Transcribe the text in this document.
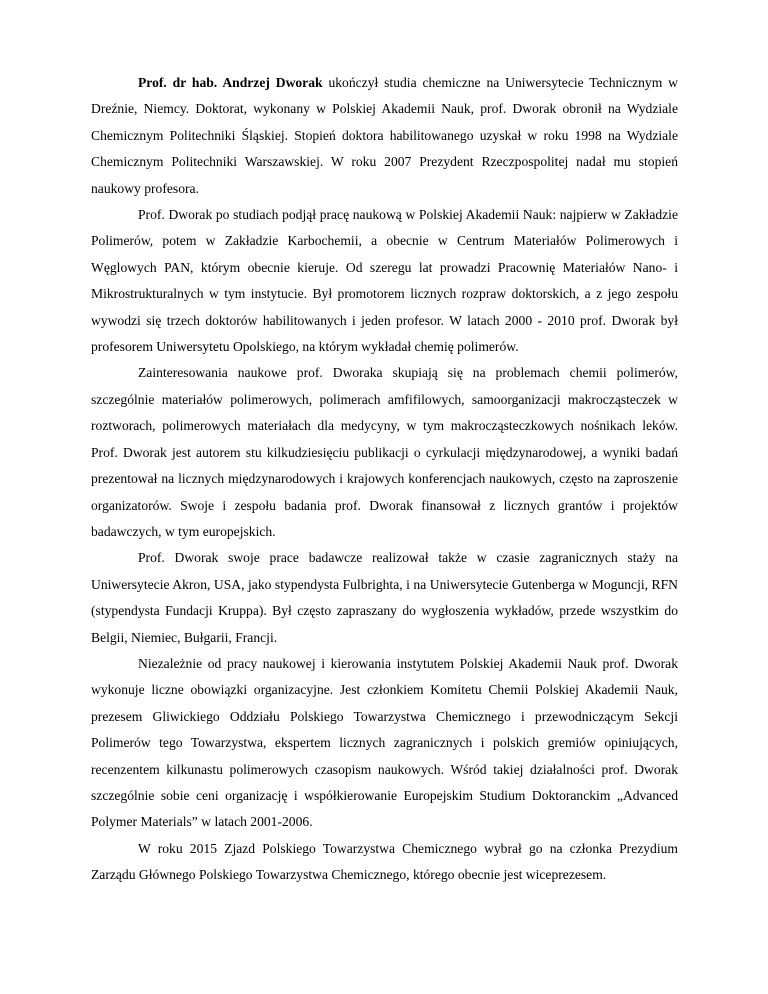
Prof. dr hab. Andrzej Dworak ukończył studia chemiczne na Uniwersytecie Technicznym w Dreźnie, Niemcy. Doktorat, wykonany w Polskiej Akademii Nauk, prof. Dworak obronił na Wydziale Chemicznym Politechniki Śląskiej. Stopień doktora habilitowanego uzyskał w roku 1998 na Wydziale Chemicznym Politechniki Warszawskiej. W roku 2007 Prezydent Rzeczpospolitej nadał mu stopień naukowy profesora.

Prof. Dworak po studiach podjął pracę naukową w Polskiej Akademii Nauk: najpierw w Zakładzie Polimerów, potem w Zakładzie Karbochemii, a obecnie w Centrum Materiałów Polimerowych i Węglowych PAN, którym obecnie kieruje. Od szeregu lat prowadzi Pracownię Materiałów Nano- i Mikrostrukturalnych w tym instytucie. Był promotorem licznych rozpraw doktorskich, a z jego zespołu wywodzi się trzech doktorów habilitowanych i jeden profesor. W latach 2000 - 2010 prof. Dworak był profesorem Uniwersytetu Opolskiego, na którym wykładał chemię polimerów.

Zainteresowania naukowe prof. Dworaka skupiają się na problemach chemii polimerów, szczególnie materiałów polimerowych, polimerach amfifilowych, samoorganizacji makrocząsteczek w roztworach, polimerowych materiałach dla medycyny, w tym makrocząsteczkowych nośnikach leków. Prof. Dworak jest autorem stu kilkudziesięciu publikacji o cyrkulacji międzynarodowej, a wyniki badań prezentował na licznych międzynarodowych i krajowych konferencjach naukowych, często na zaproszenie organizatorów. Swoje i zespołu badania prof. Dworak finansował z licznych grantów i projektów badawczych, w tym europejskich.

Prof. Dworak swoje prace badawcze realizował także w czasie zagranicznych staży na Uniwersytecie Akron, USA, jako stypendysta Fulbrighta, i na Uniwersytecie Gutenberga w Moguncji, RFN (stypendysta Fundacji Kruppa). Był często zapraszany do wygłoszenia wykładów, przede wszystkim do Belgii, Niemiec, Bułgarii, Francji.

Niezależnie od pracy naukowej i kierowania instytutem Polskiej Akademii Nauk prof. Dworak wykonuje liczne obowiązki organizacyjne. Jest członkiem Komitetu Chemii Polskiej Akademii Nauk, prezesem Gliwickiego Oddziału Polskiego Towarzystwa Chemicznego i przewodniczącym Sekcji Polimerów tego Towarzystwa, ekspertem licznych zagranicznych i polskich gremiów opiniujących, recenzentem kilkunastu polimerowych czasopism naukowych. Wśród takiej działalności prof. Dworak szczególnie sobie ceni organizację i współkierowanie Europejskim Studium Doktoranckim „Advanced Polymer Materials” w latach 2001-2006.

W roku 2015 Zjazd Polskiego Towarzystwa Chemicznego wybrał go na członka Prezydium Zarządu Głównego Polskiego Towarzystwa Chemicznego, którego obecnie jest wiceprezesem.
